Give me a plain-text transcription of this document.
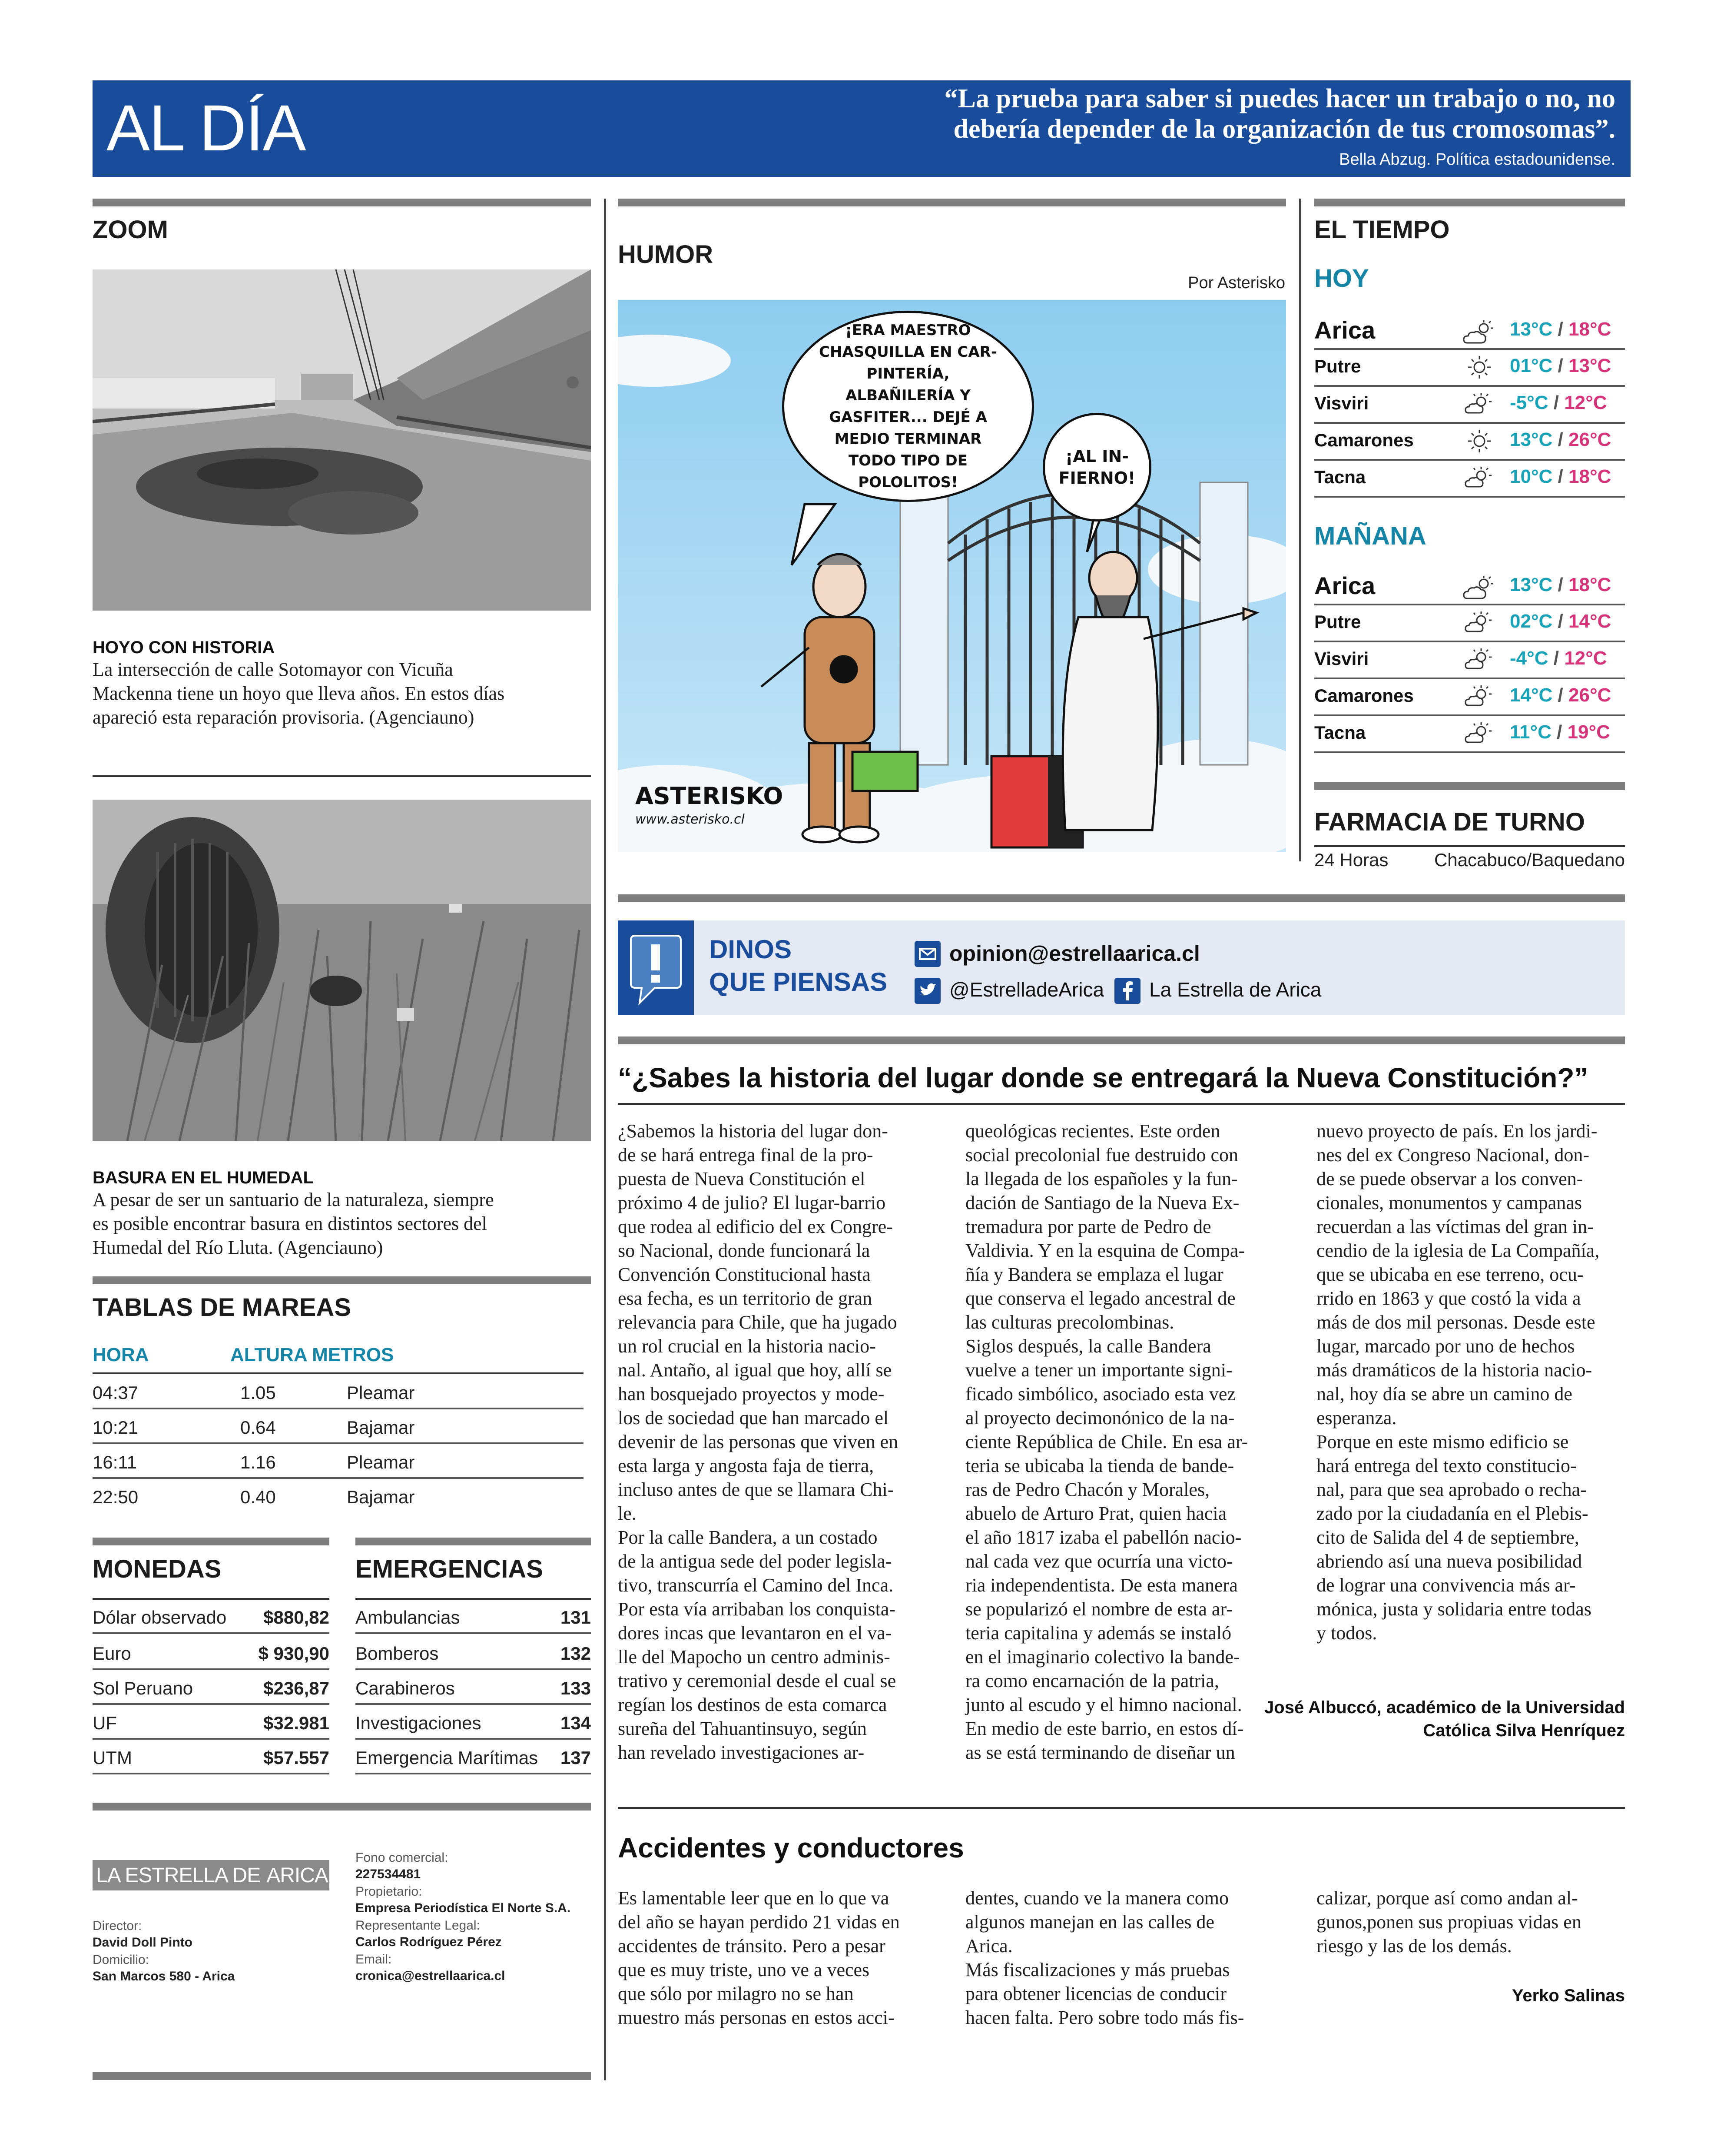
AL DÍA	“La prueba para saber si puedes hacer un trabajo o no, no
debería depender de la organización de tus cromosomas”.
Bella Abzug. Política estadounidense.
ZOOM
HOYO CON HISTORIA
La intersección de calle Sotomayor con Vicuña
Mackenna tiene un hoyo que lleva años. En estos días
apareció esta reparación provisoria. (Agenciauno)
BASURA EN EL HUMEDAL
A pesar de ser un santuario de la naturaleza, siempre
es posible encontrar basura en distintos sectores del
Humedal del Río Lluta. (Agenciauno)
TABLAS DE MAREAS
HORA	ALTURA METROS
04:37	1.05	Pleamar
10:21	0.64	Bajamar
16:11	1.16	Pleamar
22:50	0.40	Bajamar
MONEDAS
Dólar observado $880,82
Euro	$ 930,90
Sol Peruano	$236,87
UF	$32.981
UTM	$57.557
EMERGENCIAS
Ambulancias	131
Bomberos	132
Carabineros	133
Investigaciones	134
Emergencia Marítimas 137
LA ESTRELLA DE ARICA
Director:
David Doll Pinto
Domicilio:
San Marcos 580 - Arica
Fono comercial:
227534481
Propietario:
Empresa Periodística El Norte S.A.
Representante Legal:
Carlos Rodríguez Pérez
Email:
cronica@estrellaarica.cl
HUMOR
Por Asterisko
ASTERISKO
www.asterisko.cl
¡ERA MAESTRO CHASQUILLA EN CAR-PINTERÍA, ALBAÑILERÍA Y GASFITER... DEJÉ A MEDIO TERMINAR TODO TIPO DE POLOLITOS!
¡AL IN-FIERNO!
EL TIEMPO
HOY
Arica	13°C / 18°C
Putre	01°C / 13°C
Visviri	-5°C / 12°C
Camarones	13°C / 26°C
Tacna	10°C / 18°C
MAÑANA
Arica	13°C / 18°C
Putre	02°C / 14°C
Visviri	-4°C / 12°C
Camarones	14°C / 26°C
Tacna	11°C / 19°C
FARMACIA DE TURNO
24 Horas	Chacabuco/Baquedano
DINOS
QUE PIENSAS
opinion@estrellaarica.cl
@EstrelladeArica La Estrella de Arica
“¿Sabes la historia del lugar donde se entregará la Nueva Constitución?”
¿Sabemos la historia del lugar don-
de se hará entrega final de la pro-
puesta de Nueva Constitución el
próximo 4 de julio? El lugar-barrio
que rodea al edificio del ex Congre-
so Nacional, donde funcionará la
Convención Constitucional hasta
esa fecha, es un territorio de gran
relevancia para Chile, que ha jugado
un rol crucial en la historia nacio-
nal. Antaño, al igual que hoy, allí se
han bosquejado proyectos y mode-
los de sociedad que han marcado el
devenir de las personas que viven en
esta larga y angosta faja de tierra,
incluso antes de que se llamara Chi-
le.
Por la calle Bandera, a un costado
de la antigua sede del poder legisla-
tivo, transcurría el Camino del Inca.
Por esta vía arribaban los conquista-
dores incas que levantaron en el va-
lle del Mapocho un centro adminis-
trativo y ceremonial desde el cual se
regían los destinos de esta comarca
sureña del Tahuantinsuyo, según
han revelado investigaciones ar-
queológicas recientes. Este orden
social precolonial fue destruido con
la llegada de los españoles y la fun-
dación de Santiago de la Nueva Ex-
tremadura por parte de Pedro de
Valdivia. Y en la esquina de Compa-
ñía y Bandera se emplaza el lugar
que conserva el legado ancestral de
las culturas precolombinas.
Siglos después, la calle Bandera
vuelve a tener un importante signi-
ficado simbólico, asociado esta vez
al proyecto decimonónico de la na-
ciente República de Chile. En esa ar-
teria se ubicaba la tienda de bande-
ras de Pedro Chacón y Morales,
abuelo de Arturo Prat, quien hacia
el año 1817 izaba el pabellón nacio-
nal cada vez que ocurría una victo-
ria independentista. De esta manera
se popularizó el nombre de esta ar-
teria capitalina y además se instaló
en el imaginario colectivo la bande-
ra como encarnación de la patria,
junto al escudo y el himno nacional.
En medio de este barrio, en estos dí-
as se está terminando de diseñar un
nuevo proyecto de país. En los jardi-
nes del ex Congreso Nacional, don-
de se puede observar a los conven-
cionales, monumentos y campanas
recuerdan a las víctimas del gran in-
cendio de la iglesia de La Compañía,
que se ubicaba en ese terreno, ocu-
rrido en 1863 y que costó la vida a
más de dos mil personas. Desde este
lugar, marcado por uno de hechos
más dramáticos de la historia nacio-
nal, hoy día se abre un camino de
esperanza.
Porque en este mismo edificio se
hará entrega del texto constitucio-
nal, para que sea aprobado o recha-
zado por la ciudadanía en el Plebis-
cito de Salida del 4 de septiembre,
abriendo así una nueva posibilidad
de lograr una convivencia más ar-
mónica, justa y solidaria entre todas
y todos.
José Albuccó, académico de la Universidad
Católica Silva Henríquez
Accidentes y conductores
Es lamentable leer que en lo que va
del año se hayan perdido 21 vidas en
accidentes de tránsito. Pero a pesar
que es muy triste, uno ve a veces
que sólo por milagro no se han
muestro más personas en estos acci-
dentes, cuando ve la manera como
algunos manejan en las calles de
Arica.
Más fiscalizaciones y más pruebas
para obtener licencias de conducir
hacen falta. Pero sobre todo más fis-
calizar, porque así como andan al-
gunos,ponen sus propiuas vidas en
riesgo y las de los demás.
Yerko Salinas
